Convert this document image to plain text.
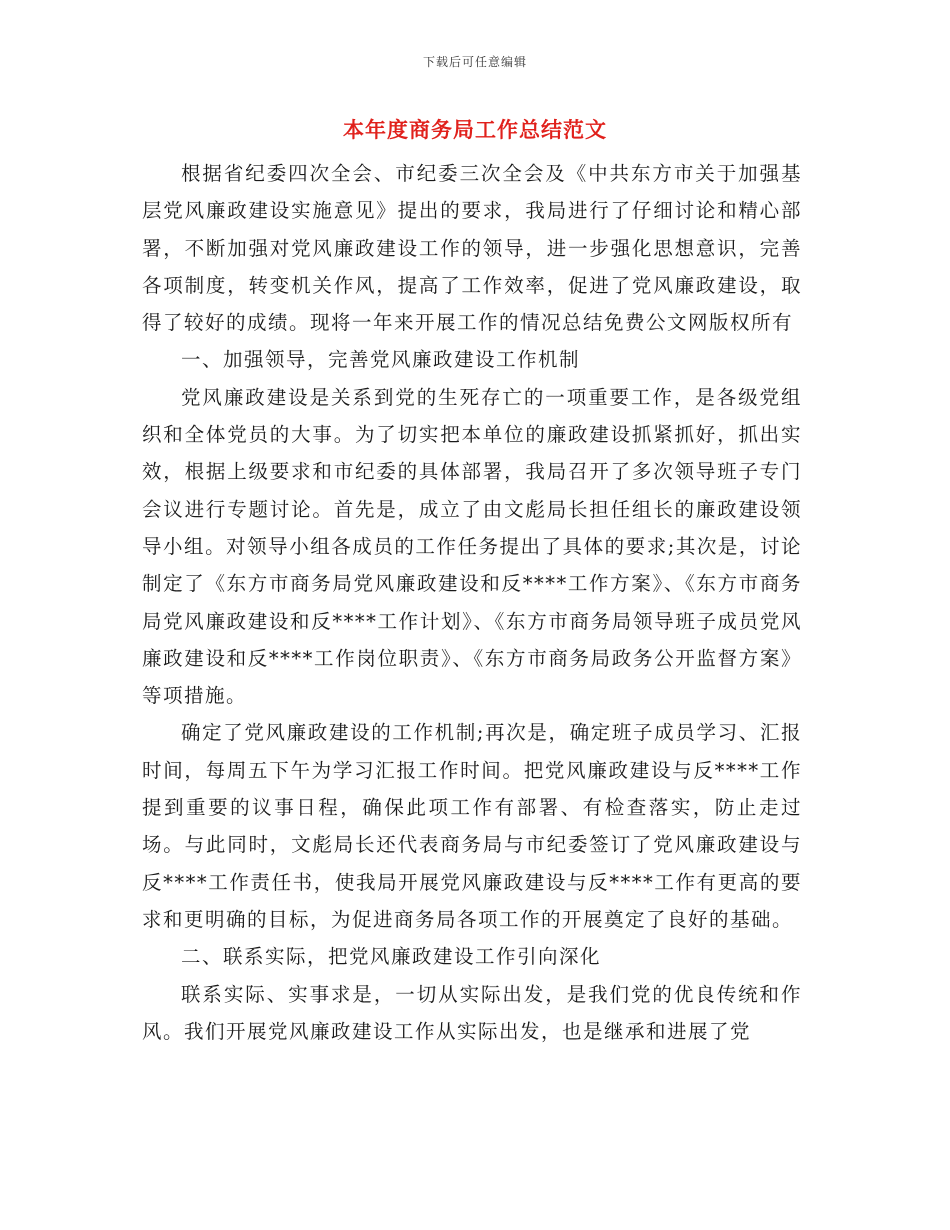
下载后可任意编辑
本年度商务局工作总结范文

根据省纪委四次全会、市纪委三次全会及《中共东方市关于加强基层党风廉政建设实施意见》提出的要求，我局进行了仔细讨论和精心部署，不断加强对党风廉政建设工作的领导，进一步强化思想意识，完善各项制度，转变机关作风，提高了工作效率，促进了党风廉政建设，取得了较好的成绩。现将一年来开展工作的情况总结免费公文网版权所有

一、加强领导，完善党风廉政建设工作机制

党风廉政建设是关系到党的生死存亡的一项重要工作，是各级党组织和全体党员的大事。为了切实把本单位的廉政建设抓紧抓好，抓出实效，根据上级要求和市纪委的具体部署，我局召开了多次领导班子专门会议进行专题讨论。首先是，成立了由文彪局长担任组长的廉政建设领导小组。对领导小组各成员的工作任务提出了具体的要求;其次是，讨论制定了《东方市商务局党风廉政建设和反****工作方案》、《东方市商务局党风廉政建设和反****工作计划》、《东方市商务局领导班子成员党风廉政建设和反****工作岗位职责》、《东方市商务局政务公开监督方案》等项措施。

确定了党风廉政建设的工作机制;再次是，确定班子成员学习、汇报时间，每周五下午为学习汇报工作时间。把党风廉政建设与反****工作提到重要的议事日程，确保此项工作有部署、有检查落实，防止走过场。与此同时，文彪局长还代表商务局与市纪委签订了党风廉政建设与反****工作责任书，使我局开展党风廉政建设与反****工作有更高的要求和更明确的目标，为促进商务局各项工作的开展奠定了良好的基础。

二、联系实际，把党风廉政建设工作引向深化

联系实际、实事求是，一切从实际出发，是我们党的优良传统和作风。我们开展党风廉政建设工作从实际出发，也是继承和进展了党
